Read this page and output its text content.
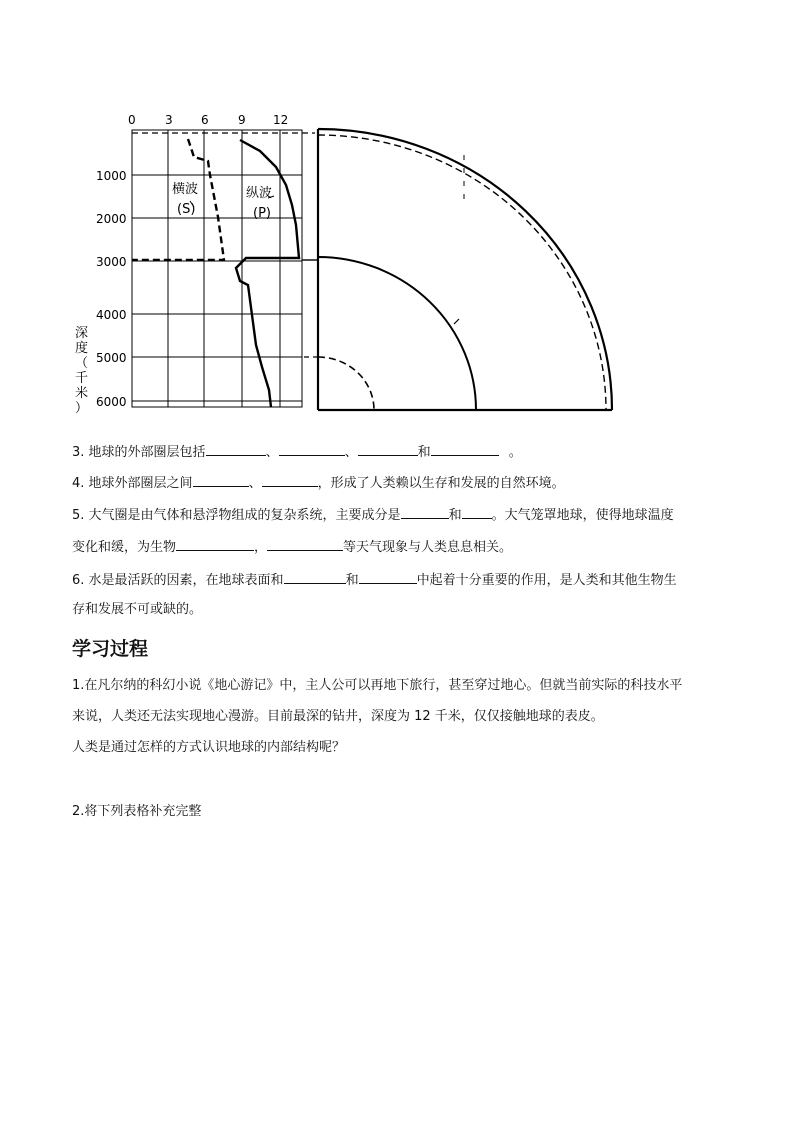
0 3 6 9 12
1000
2000
3000
4000
5000
6000
深
度
（
千
米
）
横波
(S)
纵波
(P)
3. 地球的外部圈层包括	、	、	和	。
4. 地球外部圈层之间	、	，形成了人类赖以生存和发展的自然环境。
5. 大气圈是由气体和悬浮物组成的复杂系统，主要成分是	和 。大气笼罩地球，使得地球温度
变化和缓，为生物	，	等天气现象与人类息息相关。
6. 水是最活跃的因素，在地球表面和	和	中起着十分重要的作用，是人类和其他生物生
存和发展不可或缺的。
学习过程
1.在凡尔纳的科幻小说《地心游记》中，主人公可以再地下旅行，甚至穿过地心。但就当前实际的科技水平
来说，人类还无法实现地心漫游。目前最深的钻井，深度为 12 千米，仅仅接触地球的表皮。
人类是通过怎样的方式认识地球的内部结构呢？
2.将下列表格补充完整
